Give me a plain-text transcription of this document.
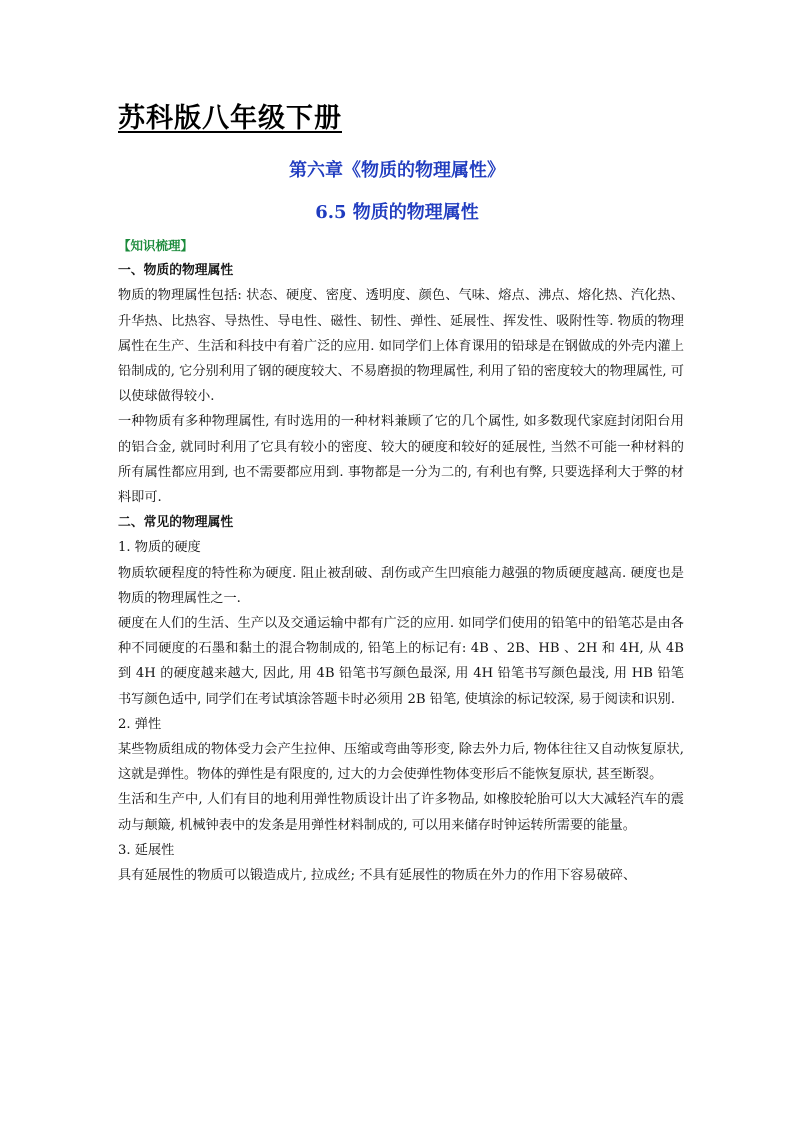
苏科版八年级下册
第六章《物质的物理属性》
6.5 物质的物理属性

【知识梳理】

一、物质的物理属性

物质的物理属性包括: 状态、硬度、密度、透明度、颜色、气味、熔点、沸点、熔化热、汽化热、升华热、比热容、导热性、导电性、磁性、韧性、弹性、延展性、挥发性、吸附性等. 物质的物理属性在生产、生活和科技中有着广泛的应用. 如同学们上体育课用的铅球是在钢做成的外壳内灌上铅制成的, 它分别利用了钢的硬度较大、不易磨损的物理属性, 利用了铅的密度较大的物理属性, 可以使球做得较小.

一种物质有多种物理属性, 有时选用的一种材料兼顾了它的几个属性, 如多数现代家庭封闭阳台用的铝合金, 就同时利用了它具有较小的密度、较大的硬度和较好的延展性, 当然不可能一种材料的所有属性都应用到, 也不需要都应用到. 事物都是一分为二的, 有利也有弊, 只要选择利大于弊的材料即可.

二、常见的物理属性

1. 物质的硬度

物质软硬程度的特性称为硬度. 阻止被刮破、刮伤或产生凹痕能力越强的物质硬度越高. 硬度也是物质的物理属性之一.

硬度在人们的生活、生产以及交通运输中都有广泛的应用. 如同学们使用的铅笔中的铅笔芯是由各种不同硬度的石墨和黏土的混合物制成的, 铅笔上的标记有: 4B 、2B、HB 、2H 和 4H, 从 4B 到 4H 的硬度越来越大, 因此, 用 4B 铅笔书写颜色最深, 用 4H 铅笔书写颜色最浅, 用 HB 铅笔书写颜色适中, 同学们在考试填涂答题卡时必须用 2B 铅笔, 使填涂的标记较深, 易于阅读和识别.

2. 弹性

某些物质组成的物体受力会产生拉伸、压缩或弯曲等形变, 除去外力后, 物体往往又自动恢复原状, 这就是弹性。物体的弹性是有限度的, 过大的力会使弹性物体变形后不能恢复原状, 甚至断裂。

生活和生产中, 人们有目的地利用弹性物质设计出了许多物品, 如橡胶轮胎可以大大减轻汽车的震动与颠簸, 机械钟表中的发条是用弹性材料制成的, 可以用来储存时钟运转所需要的能量。

3. 延展性

具有延展性的物质可以锻造成片, 拉成丝; 不具有延展性的物质在外力的作用下容易破碎、
